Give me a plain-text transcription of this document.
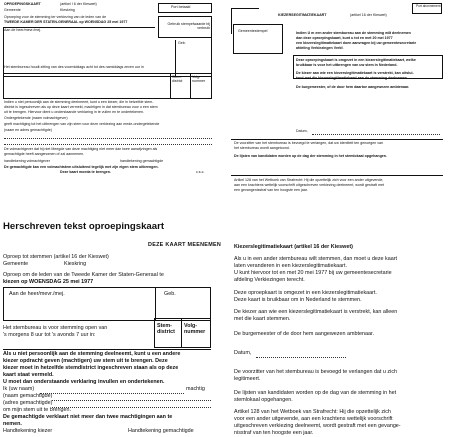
OPROEPINGSKAART	(artikel I 6 der Kieswet)
Gemeente	Kieskring
Port betaald
Gebruik stempelwaarde bij verbruik
Oproeping voor de stemming ter verkiezing van de leden van de
TWEEDE KAMER DER STATEN-GENERAAL op WOENSDAG 25 mei 1977
Aan de heer/mevr./mej.
Geb.
Het stembureau houdt zitting van des voormiddags acht tot des namiddags zeven uur in
Stem-district
Volg-nummer
Indien u niet persoonlijk aan de stemming deelneemt, kunt u een kiezer, die in hetzelfde stem-
district is ingeschreven als op deze kaart vermeld, machtigen in dat stembureau voor u een stem
uit te brengen. Hiervoor dient u onderstaande verklaring in te vullen en te ondertekenen.
Ondergetekende (naam volmachtgever)
geeft machtiging tot het uitbrengen van zijn stem voor deze verkiezing aan mede-ondergetekende
(naam en adres gemachtigde)
De volmachtgever dat hij niet Meegde van deze machtiging niet meer dan twee aanwijzingen als
gemachtigde heeft aangenomen of zal aannemen.
handtekening volmachtgever	handtekening gemachtigde
De gemachtigde kan een volmachtstem uitsluitend tegelijk met zijn eigen stem uitbrengen.
Deze kaart moeda te brengen.	c.s.c.
KIEZERSEGITIMATIEKAART	(artikel 16 der Kieswet)
Port abonnement
Gemeentestempel	Indien U m een ander stembureau aan de stemming wilt deelnemen
dan deze oproepingskaart, kunt u tot en met 20 mei 1977
een kiezerslegitimatiekaart doen aanvragen bij uw gemeentesecretarie
afdeling Verkiezingen Verkf.
Deze oproepingskaart is omgezet in een kiezerslegitimatiekaart, welke
bruikbaar is voor het uitbrengen van uw stem in Nederland.
De kiezer aan wie een kiezerslegitimatiekaart is verstrekt, kan uitslui-
tend met die kiezerslegitimatiekaart aan de stemming deelnemen.
De burgemeester, of de door hem daartoe aangewezen ambtenaar.
Datum,
De voorzitter van het stembureau is bevoegd te verlangen, dat uw identiteit ten genoegen van
het stembureau wordt aangetoond.
De lijsten van kandidaten worden op de dag der stemming in het stemlokaal opgehangen.
Artikel 128 van het Wetboek van Strafrecht: Hij die opzettelijk zich voor een ander uitgevende,
aan een krachtens wettelijk voorschrift uitgeschreven verkiezing deelneemt, wordt gestraft met
een gevangenisstraf van ten hoogste een jaar.
Herschreven tekst oproepingskaart
DEZE KAART MEENEMEN
Oproep tot stemmen (artikel 16 der Kieswet)
Gemeente	Kieskring
Oproep om de leden van de Tweede Kamer der Staten-Generaal te
kiezen op WOENSDAG 25 mei 1977
Aan de heer/mevr./mej.	Geb.
Het stembureau is voor stemming open van
's morgens 8 uur tot 's avonds 7 uur in:
Stem- district
Volg- nummer
Als u niet persoonlijk aan de stemming deelneemt, kunt u een andere
kiezer opdracht geven (machtigen) uw stem uit te brengen. Deze
kiezer moet in hetzelfde stemdistrict ingeschreven staan als op deze
kaart staat vermeld.
U moet dan onderstaande verklaring invullen en ondertekenen.
Ik (uw naam)	machtig
(naam gemachtigde)
(adres gemachtigde)
om mijn stem uit te brengen.
De gemachtigde verklaart niet meer dan twee machtigingen aan te
nemen.
Handtekening kiezer	Handtekening gemachtigde
Kiezerslegitimatiekaart (artikel 16 der Kieswet)
Als u in een ander stembureau wilt stemmen, dan moet u deze kaart
laten veranderen in een kiezerslegitimatiekaart.
U kunt hiervoor tot en met 20 mei 1977 bij uw gemeentesecretarie
afdeling Verkiezingen terecht.
Deze oproepkaart is omgezet in een kiezerslegitimatiekaart.
Deze kaart is bruikbaar om in Nederland te stemmen.
De kiezer aan wie een kiezerslegitimatiekaart is verstrekt, kan alleen
met die kaart stemmen.
De burgemeester of de door hem aangewezen ambtenaar.
Datum,
De voorzitter van het stembureau is bevoegd te verlangen dat u zich
legitimeert.
De lijsten van kandidaten worden op de dag van de stemming in het
stemlokaal opgehangen.
Artikel 128 van het Wetboek van Strafrecht: Hij die opzettelijk zich
voor een ander uitgevende, aan een krachtens wettelijk voorschrift
uitgeschreven verkiezing deelneemt, wordt gestraft met een gevange-
nisstraf van ten hoogste een jaar.
